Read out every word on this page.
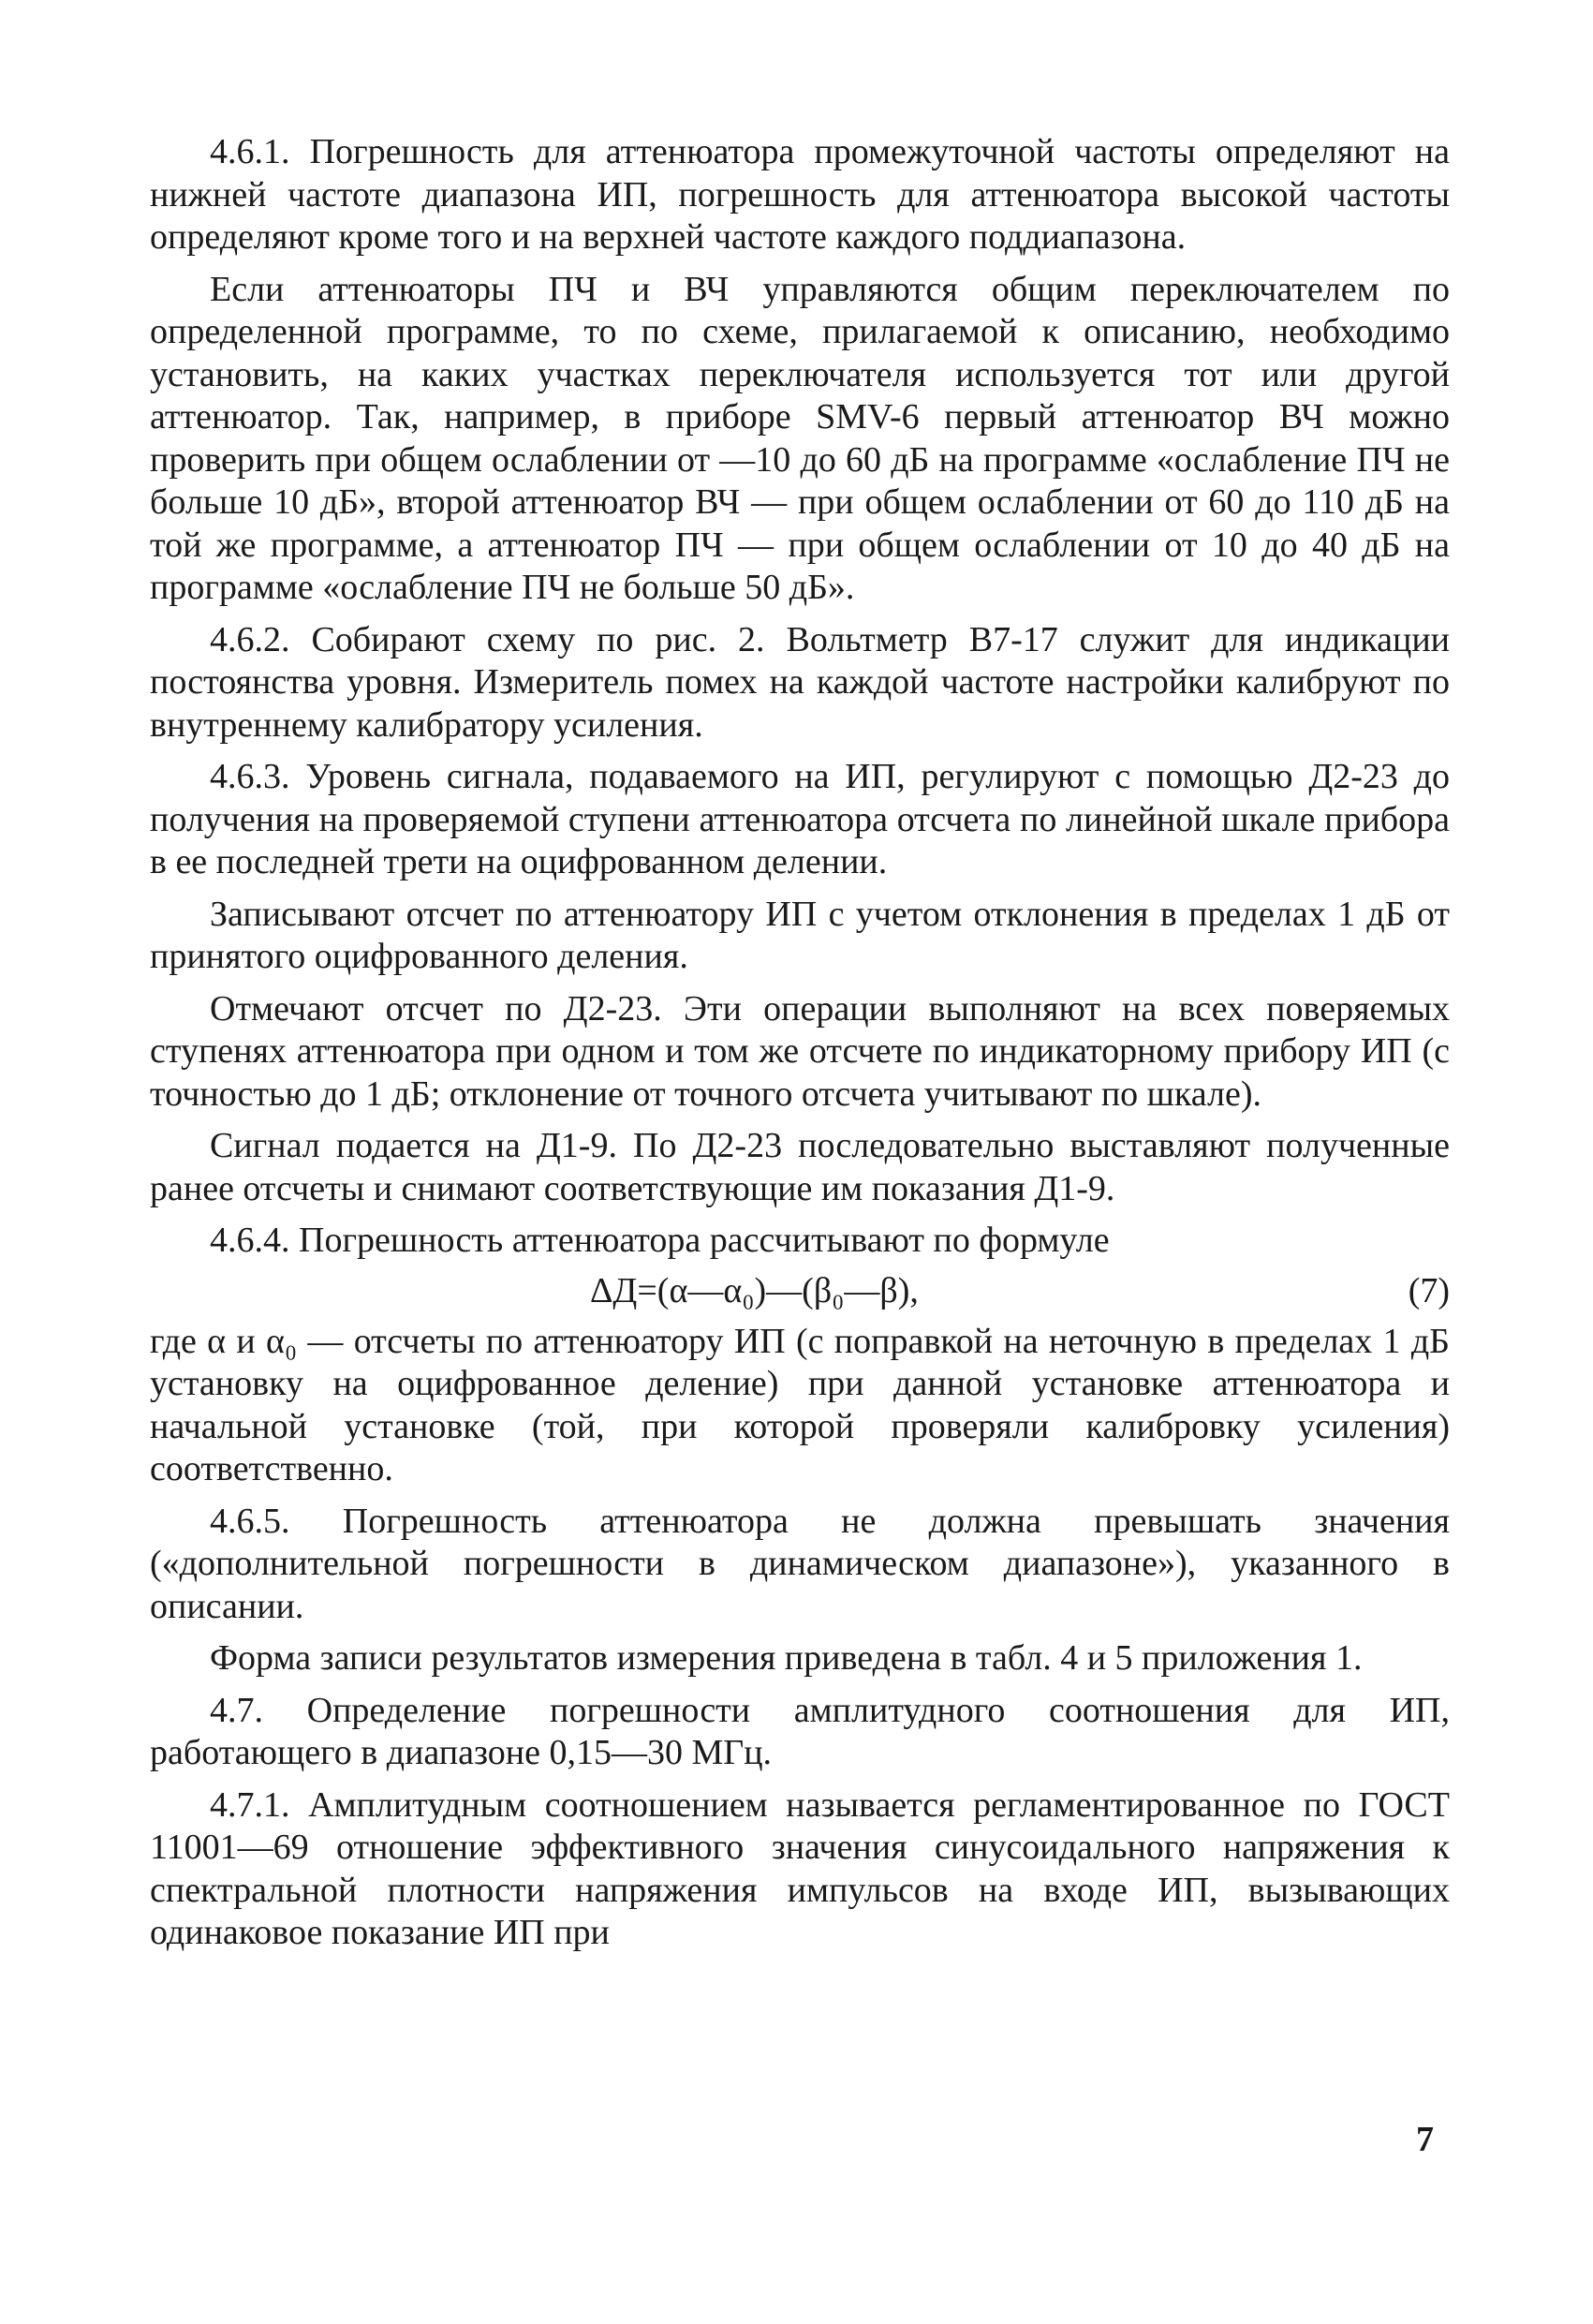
4.6.1. Погрешность для аттенюатора промежуточной частоты определяют на нижней частоте диапазона ИП, погрешность для аттенюатора высокой частоты определяют кроме того и на верхней частоте каждого поддиапазона.

Если аттенюаторы ПЧ и ВЧ управляются общим переключателем по определенной программе, то по схеме, прилагаемой к описанию, необходимо установить, на каких участках переключателя используется тот или другой аттенюатор. Так, например, в приборе SMV-6 первый аттенюатор ВЧ можно проверить при общем ослаблении от —10 до 60 дБ на программе «ослабление ПЧ не больше 10 дБ», второй аттенюатор ВЧ — при общем ослаблении от 60 до 110 дБ на той же программе, а аттенюатор ПЧ — при общем ослаблении от 10 до 40 дБ на программе «ослабление ПЧ не больше 50 дБ».

4.6.2. Собирают схему по рис. 2. Вольтметр В7-17 служит для индикации постоянства уровня. Измеритель помех на каждой частоте настройки калибруют по внутреннему калибратору усиления.

4.6.3. Уровень сигнала, подаваемого на ИП, регулируют с помощью Д2-23 до получения на проверяемой ступени аттенюатора отсчета по линейной шкале прибора в ее последней трети на оцифрованном делении.

Записывают отсчет по аттенюатору ИП с учетом отклонения в пределах 1 дБ от принятого оцифрованного деления.

Отмечают отсчет по Д2-23. Эти операции выполняют на всех поверяемых ступенях аттенюатора при одном и том же отсчете по индикаторному прибору ИП (с точностью до 1 дБ; отклонение от точного отсчета учитывают по шкале).

Сигнал подается на Д1-9. По Д2-23 последовательно выставляют полученные ранее отсчеты и снимают соответствующие им показания Д1-9.

4.6.4. Погрешность аттенюатора рассчитывают по формуле

ΔД=(α—α₀)—(β₀—β),	(7)

где α и α₀ — отсчеты по аттенюатору ИП (с поправкой на неточную в пределах 1 дБ установку на оцифрованное деление) при данной установке аттенюатора и начальной установке (той, при которой проверяли калибровку усиления) соответственно.

4.6.5. Погрешность аттенюатора не должна превышать значения («дополнительной погрешности в динамическом диапазоне»), указанного в описании.

Форма записи результатов измерения приведена в табл. 4 и 5 приложения 1.

4.7. Определение погрешности амплитудного соотношения для ИП, работающего в диапазоне 0,15—30 МГц.

4.7.1. Амплитудным соотношением называется регламентированное по ГОСТ 11001—69 отношение эффективного значения синусоидального напряжения к спектральной плотности напряжения импульсов на входе ИП, вызывающих одинаковое показание ИП при

7
